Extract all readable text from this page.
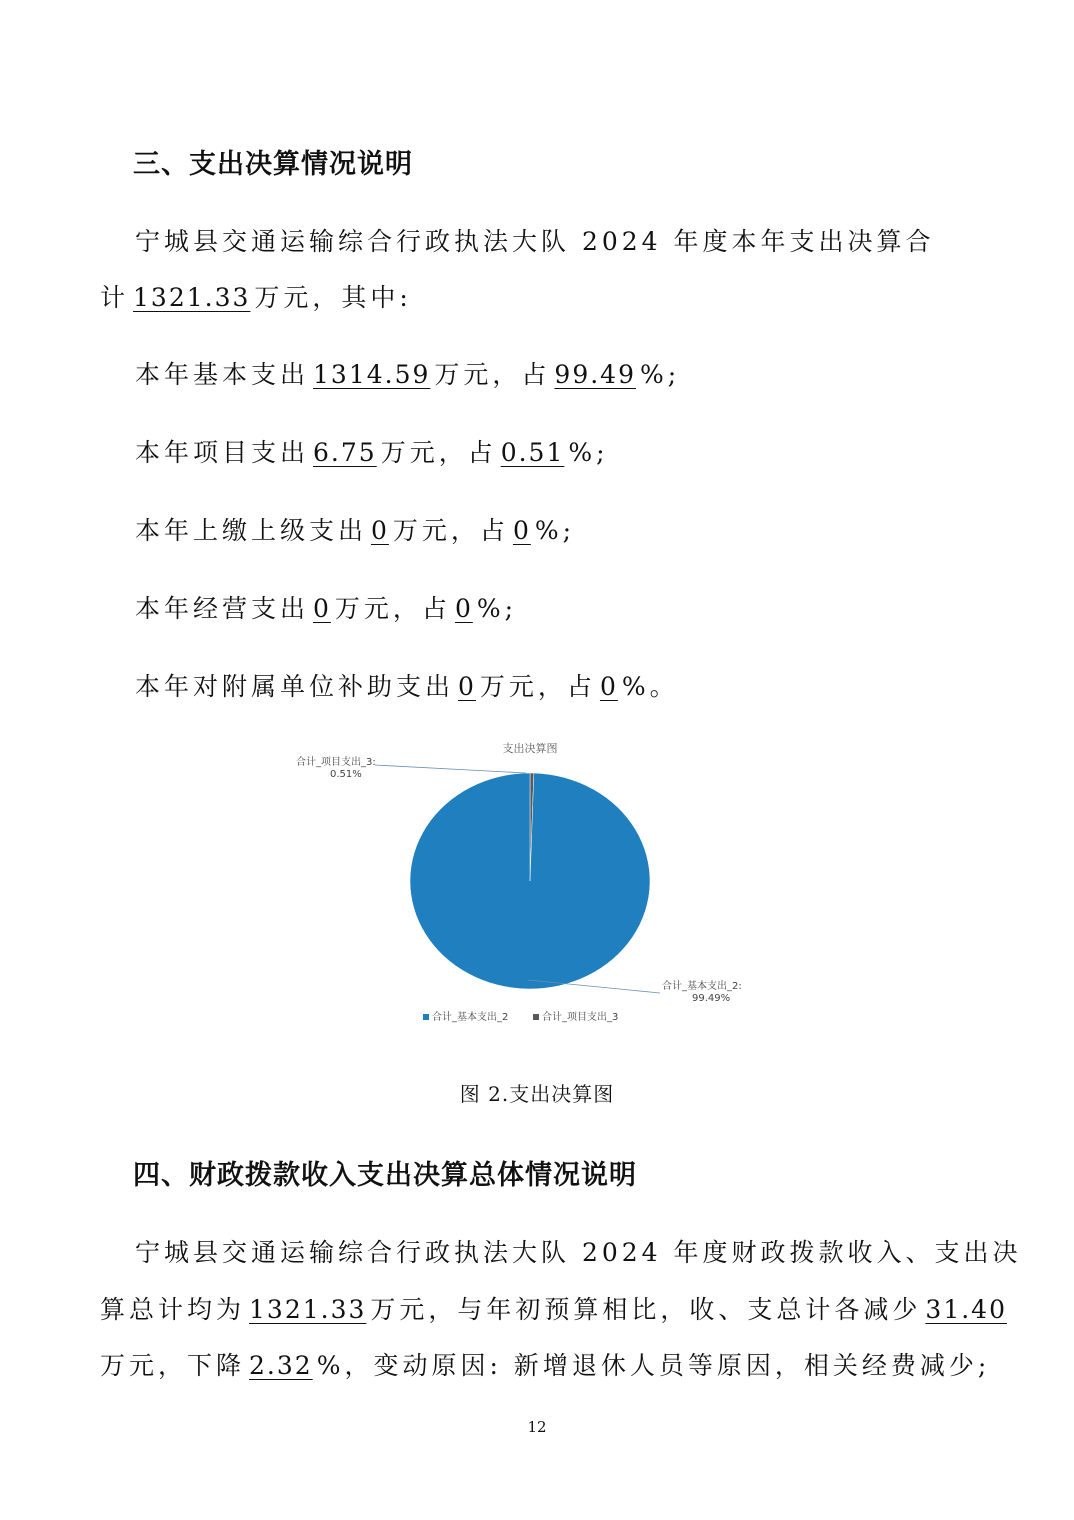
三、支出决算情况说明
宁城县交通运输综合行政执法大队 2024 年度本年支出决算合
计 1321.33 万元，其中:
本年基本支出 1314.59 万元，占 99.49 %;
本年项目支出 6.75 万元，占 0.51 %;
本年上缴上级支出 0 万元，占 0 %;
本年经营支出 0 万元，占 0 %;
本年对附属单位补助支出 0 万元，占 0 %。
支出决算图
合计_项目支出_3:
0.51%
合计_基本支出_2:
99.49%
合计_基本支出_2	合计_项目支出_3
图 2.支出决算图
四、财政拨款收入支出决算总体情况说明
宁城县交通运输综合行政执法大队 2024 年度财政拨款收入、支出决
算总计均为 1321.33 万元，与年初预算相比，收、支总计各减少 31.40
万元，下降 2.32 %，变动原因: 新增退休人员等原因，相关经费减少;
12
